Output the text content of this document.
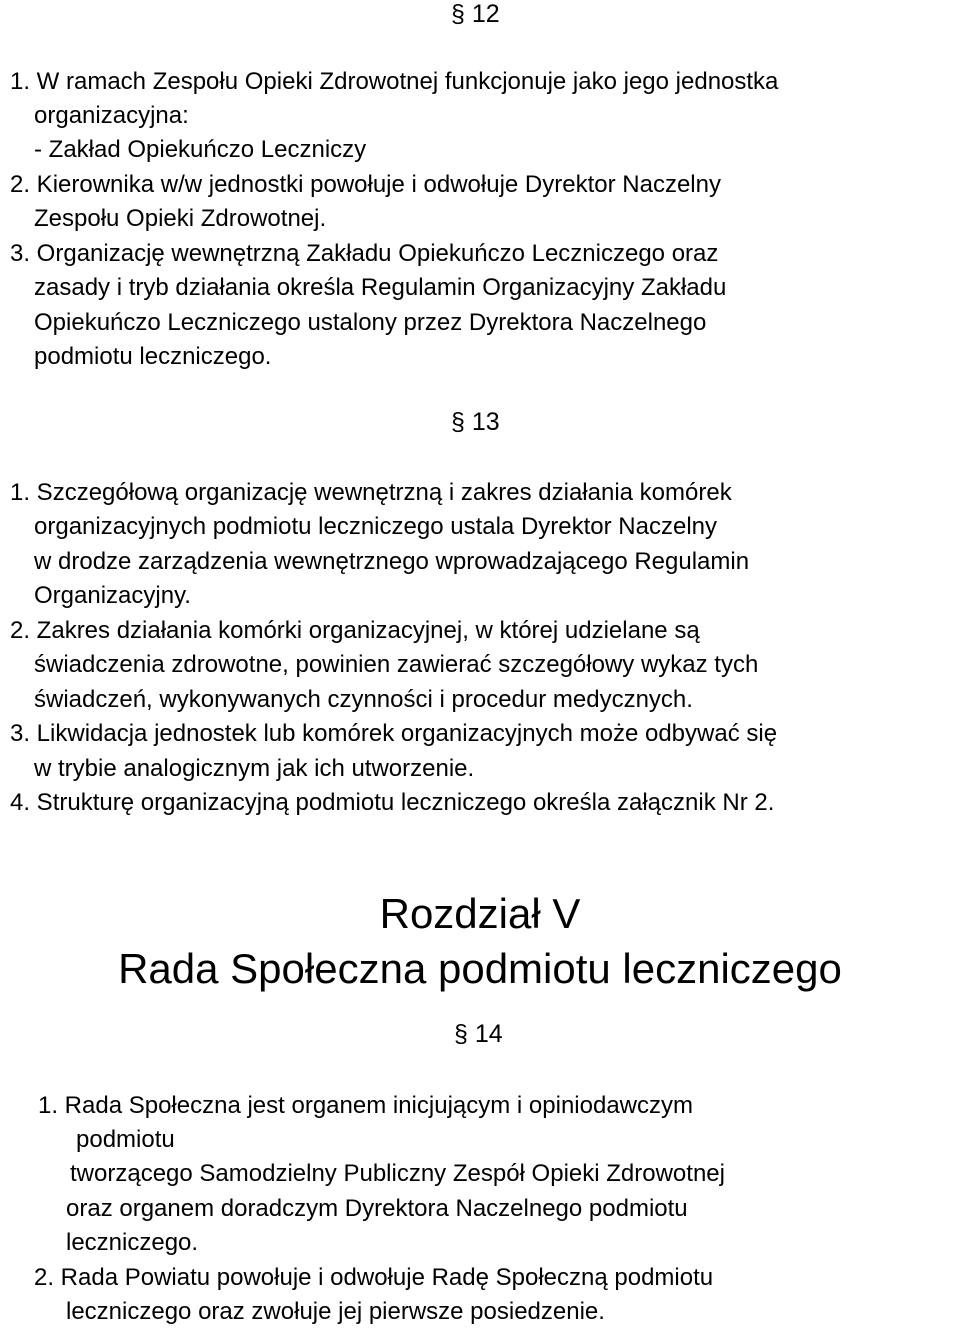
§ 12
1. W ramach Zespołu Opieki Zdrowotnej funkcjonuje jako jego jednostka
organizacyjna:
- Zakład Opiekuńczo Leczniczy
2. Kierownika w/w jednostki powołuje i odwołuje Dyrektor Naczelny
Zespołu Opieki Zdrowotnej.
3. Organizację wewnętrzną Zakładu Opiekuńczo Leczniczego oraz
zasady i tryb działania określa Regulamin Organizacyjny Zakładu
Opiekuńczo Leczniczego ustalony przez Dyrektora Naczelnego
podmiotu leczniczego.
§ 13
1. Szczegółową organizację wewnętrzną i zakres działania komórek
organizacyjnych podmiotu leczniczego ustala Dyrektor Naczelny
w drodze zarządzenia wewnętrznego wprowadzającego Regulamin
Organizacyjny.
2. Zakres działania komórki organizacyjnej, w której udzielane są
świadczenia zdrowotne, powinien zawierać szczegółowy wykaz tych
świadczeń, wykonywanych czynności i procedur medycznych.
3. Likwidacja jednostek lub komórek organizacyjnych może odbywać się
w trybie analogicznym jak ich utworzenie.
4. Strukturę organizacyjną podmiotu leczniczego określa załącznik Nr 2.
Rozdział V
Rada Społeczna podmiotu leczniczego
§ 14
1. Rada Społeczna jest organem inicjującym i opiniodawczym
podmiotu
tworzącego Samodzielny Publiczny Zespół Opieki Zdrowotnej
oraz organem doradczym Dyrektora Naczelnego podmiotu
leczniczego.
2. Rada Powiatu powołuje i odwołuje Radę Społeczną podmiotu
leczniczego oraz zwołuje jej pierwsze posiedzenie.
